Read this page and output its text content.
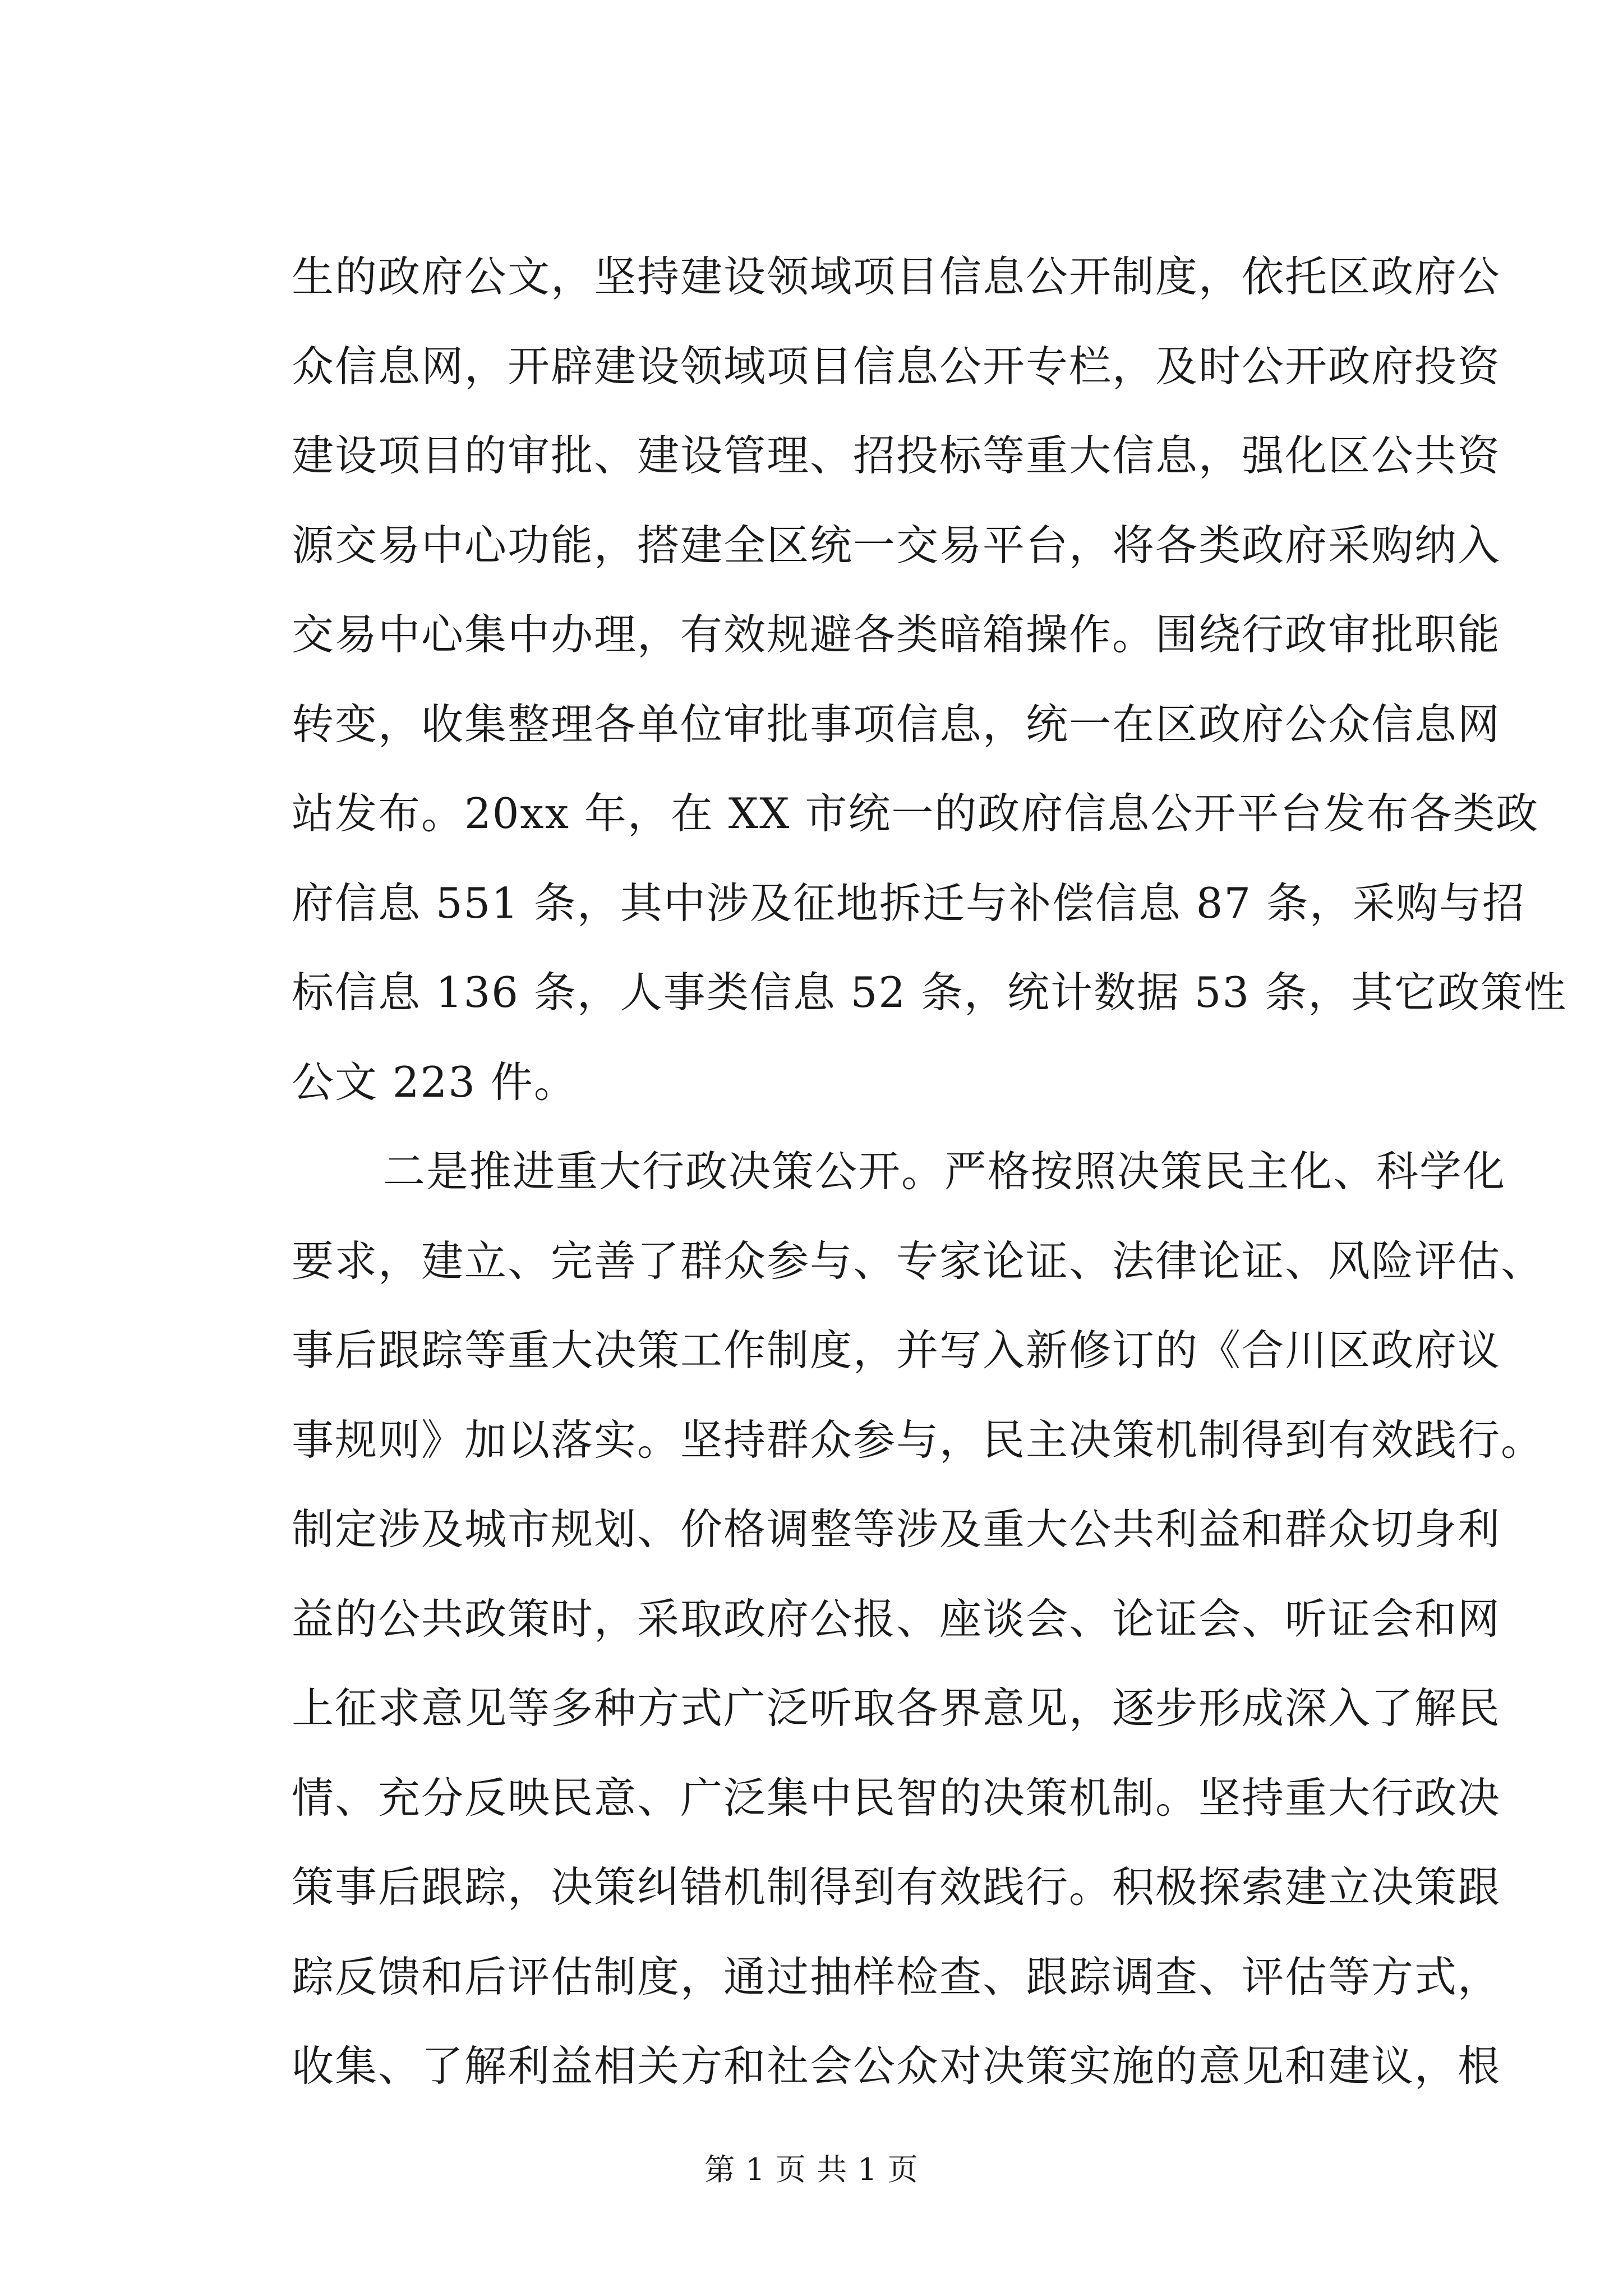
生的政府公文，坚持建设领域项目信息公开制度，依托区政府公
众信息网，开辟建设领域项目信息公开专栏，及时公开政府投资
建设项目的审批、建设管理、招投标等重大信息，强化区公共资
源交易中心功能，搭建全区统一交易平台，将各类政府采购纳入
交易中心集中办理，有效规避各类暗箱操作。围绕行政审批职能
转变，收集整理各单位审批事项信息，统一在区政府公众信息网
站发布。20xx 年，在 XX 市统一的政府信息公开平台发布各类政
府信息 551 条，其中涉及征地拆迁与补偿信息 87 条，采购与招
标信息 136 条，人事类信息 52 条，统计数据 53 条，其它政策性
公文 223 件。
二是推进重大行政决策公开。严格按照决策民主化、科学化
要求，建立、完善了群众参与、专家论证、法律论证、风险评估、
事后跟踪等重大决策工作制度，并写入新修订的《合川区政府议
事规则》加以落实。坚持群众参与，民主决策机制得到有效践行。
制定涉及城市规划、价格调整等涉及重大公共利益和群众切身利
益的公共政策时，采取政府公报、座谈会、论证会、听证会和网
上征求意见等多种方式广泛听取各界意见，逐步形成深入了解民
情、充分反映民意、广泛集中民智的决策机制。坚持重大行政决
策事后跟踪，决策纠错机制得到有效践行。积极探索建立决策跟
踪反馈和后评估制度，通过抽样检查、跟踪调查、评估等方式，
收集、了解利益相关方和社会公众对决策实施的意见和建议，根
第 1 页 共 1 页
